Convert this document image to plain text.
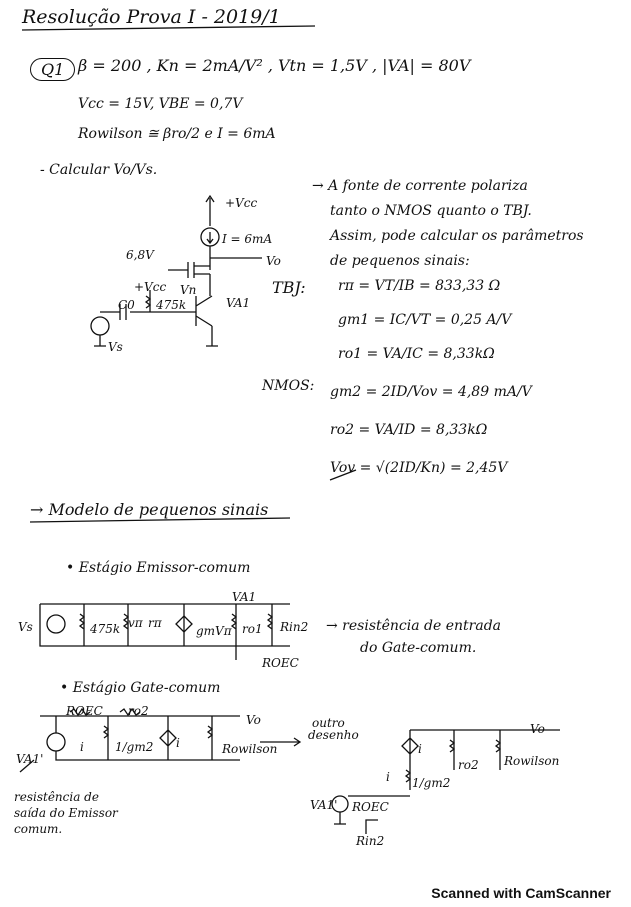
Resolução Prova I - 2019/1
Q1 β = 200 , Kn = 2mA/V² , Vtn = 1,5V , |VA| = 80V
Vcc = 15V, VBE = 0,7V
Rowilson ≅ βro/2 e I = 6mA
- Calcular Vo/Vs.
→ A fonte de corrente polariza
tanto o NMOS quanto o TBJ.
Assim, pode calcular os parâmetros
de pequenos sinais:
+Vcc
I = 6mA
Vo
6,8V
+Vcc
C0 475k
Vn
VA1
Vs
TBJ: rπ = VT/IB = 833,33 Ω
gm1 = IC/VT = 0,25 A/V
ro1 = VA/IC = 8,33kΩ
NMOS: gm2 = 2ID/Vov = 4,89 mA/V
ro2 = VA/ID = 8,33kΩ
Vov = √(2ID/Kn) = 2,45V
→ Modelo de pequenos sinais
• Estágio Emissor-comum
Vs	475k vπ rπ
gmVπ ro1 Rin2
VA1
ROEC
→ resistência de entrada
do Gate-comum.
• Estágio Gate-comum
ROEC ro2
Vo
VA1'
i	1/gm2 i	Rowilson
outro
desenho	Vo
i
ro2 Rowilson
i 1/gm2
VA1' ROEC
Rin2
resistência de
saída do Emissor
comum.
Scanned with CamScanner
